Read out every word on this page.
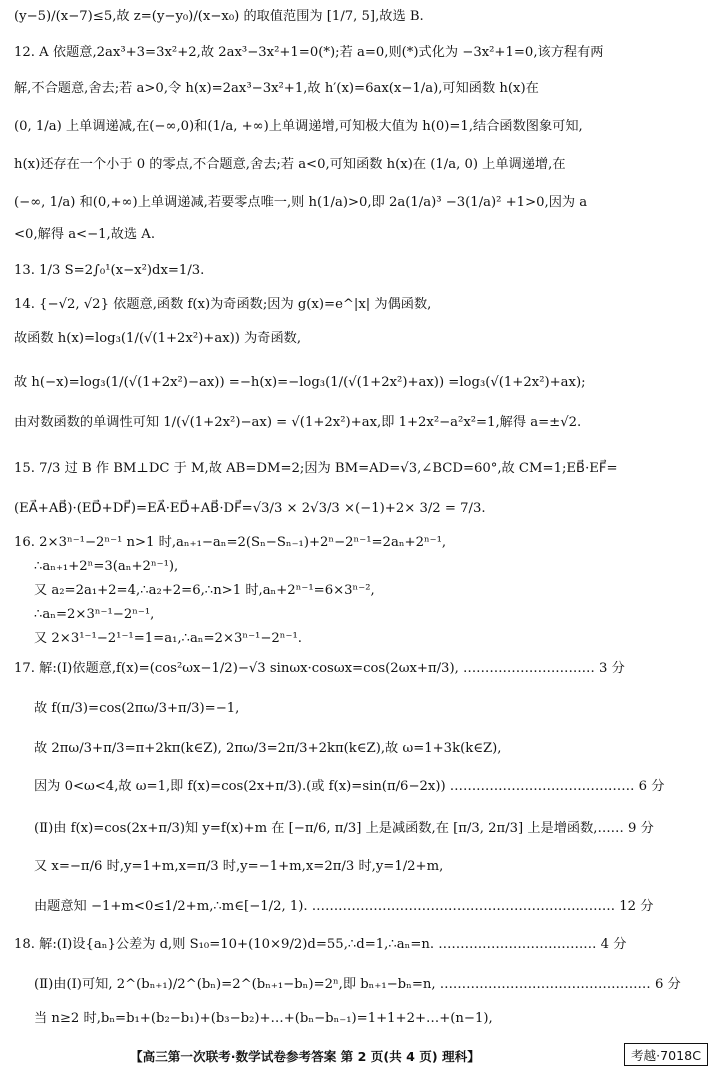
(y−5)/(x−7)≤5,故 z=(y−y₀)/(x−x₀) 的取值范围为 [1/7, 5],故选 B.
12. A 依题意,2ax³+3=3x²+2,故 2ax³−3x²+1=0(*);若 a=0,则(*)式化为 −3x²+1=0,该方程有两
解,不合题意,舍去;若 a>0,令 h(x)=2ax³−3x²+1,故 h′(x)=6ax(x−1/a),可知函数 h(x)在
(0, 1/a) 上单调递减,在(−∞,0)和(1/a, +∞)上单调递增,可知极大值为 h(0)=1,结合函数图象可知,
h(x)还存在一个小于 0 的零点,不合题意,舍去;若 a<0,可知函数 h(x)在 (1/a, 0) 上单调递增,在
(−∞, 1/a) 和(0,+∞)上单调递减,若要零点唯一,则 h(1/a)>0,即 2a(1/a)³ −3(1/a)² +1>0,因为 a
<0,解得 a<−1,故选 A.
13. 1/3 S=2∫₀¹(x−x²)dx=1/3.
14. {−√2, √2} 依题意,函数 f(x)为奇函数;因为 g(x)=e^|x| 为偶函数,
故函数 h(x)=log₃(1/(√(1+2x²)+ax)) 为奇函数,
故 h(−x)=log₃(1/(√(1+2x²)−ax)) =−h(x)=−log₃(1/(√(1+2x²)+ax)) =log₃(√(1+2x²)+ax);
由对数函数的单调性可知 1/(√(1+2x²)−ax) = √(1+2x²)+ax,即 1+2x²−a²x²=1,解得 a=±√2.
15. 7/3 过 B 作 BM⊥DC 于 M,故 AB=DM=2;因为 BM=AD=√3,∠BCD=60°,故 CM=1;EB⃗·EF⃗=
(EA⃗+AB⃗)·(ED⃗+DF⃗)=EA⃗·ED⃗+AB⃗·DF⃗=√3/3 × 2√3/3 ×(−1)+2× 3/2 = 7/3.
16. 2×3ⁿ⁻¹−2ⁿ⁻¹ n>1 时,aₙ₊₁−aₙ=2(Sₙ−Sₙ₋₁)+2ⁿ−2ⁿ⁻¹=2aₙ+2ⁿ⁻¹,
∴aₙ₊₁+2ⁿ=3(aₙ+2ⁿ⁻¹),
又 a₂=2a₁+2=4,∴a₂+2=6,∴n>1 时,aₙ+2ⁿ⁻¹=6×3ⁿ⁻²,
∴aₙ=2×3ⁿ⁻¹−2ⁿ⁻¹,
又 2×3¹⁻¹−2¹⁻¹=1=a₁,∴aₙ=2×3ⁿ⁻¹−2ⁿ⁻¹.
17. 解:(Ⅰ)依题意,f(x)=(cos²ωx−1/2)−√3 sinωx·cosωx=cos(2ωx+π/3), ………………………… 3 分
故 f(π/3)=cos(2πω/3+π/3)=−1,
故 2πω/3+π/3=π+2kπ(k∈Z), 2πω/3=2π/3+2kπ(k∈Z),故 ω=1+3k(k∈Z),
因为 0<ω<4,故 ω=1,即 f(x)=cos(2x+π/3).(或 f(x)=sin(π/6−2x)) …………………………………… 6 分
(Ⅱ)由 f(x)=cos(2x+π/3)知 y=f(x)+m 在 [−π/6, π/3] 上是减函数,在 [π/3, 2π/3] 上是增函数,…… 9 分
又 x=−π/6 时,y=1+m,x=π/3 时,y=−1+m,x=2π/3 时,y=1/2+m,
由题意知 −1+m<0≤1/2+m,∴m∈[−1/2, 1). …………………………………………………………… 12 分
18. 解:(Ⅰ)设{aₙ}公差为 d,则 S₁₀=10+(10×9/2)d=55,∴d=1,∴aₙ=n. ……………………………… 4 分
(Ⅱ)由(Ⅰ)可知, 2^(bₙ₊₁)/2^(bₙ)=2^(bₙ₊₁−bₙ)=2ⁿ,即 bₙ₊₁−bₙ=n, ………………………………………… 6 分
当 n≥2 时,bₙ=b₁+(b₂−b₁)+(b₃−b₂)+…+(bₙ−bₙ₋₁)=1+1+2+…+(n−1),
【高三第一次联考·数学试卷参考答案 第 2 页(共 4 页) 理科】	考越·7018C
